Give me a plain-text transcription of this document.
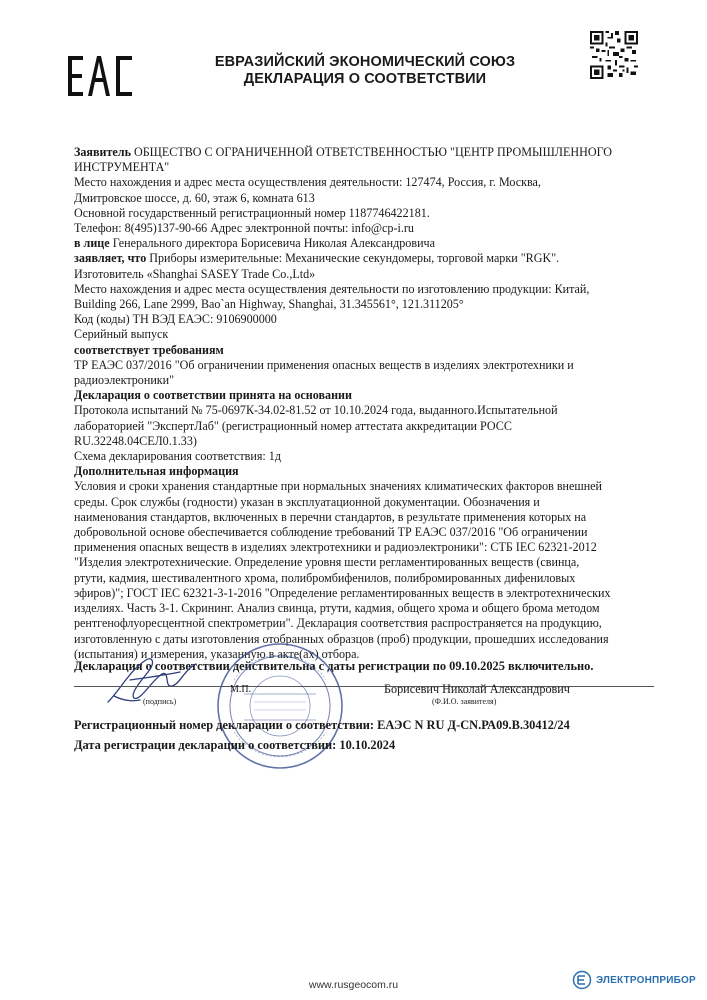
ЕВРАЗИЙСКИЙ ЭКОНОМИЧЕСКИЙ СОЮЗ
ДЕКЛАРАЦИЯ О СООТВЕТСТВИИ

Заявитель ОБЩЕСТВО С ОГРАНИЧЕННОЙ ОТВЕТСТВЕННОСТЬЮ "ЦЕНТР ПРОМЫШЛЕННОГО

ИНСТРУМЕНТА"

Место нахождения и адрес места осуществления деятельности: 127474, Россия, г. Москва,

Дмитровское шоссе, д. 60, этаж 6, комната 613

Основной государственный регистрационный номер 1187746422181.

Телефон: 8(495)137-90-66 Адрес электронной почты: info@cp-i.ru

в лице Генерального директора Борисевича Николая Александровича

заявляет, что Приборы измерительные: Механические секундомеры, торговой марки "RGK".

Изготовитель «Shanghai SASEY Trade Co.,Ltd»

Место нахождения и адрес места осуществления деятельности по изготовлению продукции: Китай,

Building 266, Lane 2999, Bao`an Highway, Shanghai, 31.345561°, 121.311205°

Код (коды) ТН ВЭД ЕАЭС: 9106900000

Серийный выпуск

соответствует требованиям

ТР ЕАЭС 037/2016 "Об ограничении применения опасных веществ в изделиях электротехники и

радиоэлектроники"

Декларация о соответствии принята на основании

Протокола испытаний № 75-0697К-34.02-81.52 от 10.10.2024 года, выданного.Испытательной

лабораторией "ЭкспертЛаб" (регистрационный номер аттестата аккредитации РОСС

RU.32248.04СЕЛ0.1.33)

Схема декларирования соответствия: 1д

Дополнительная информация

Условия и сроки хранения стандартные при нормальных значениях климатических факторов внешней

среды. Срок службы (годности) указан в эксплуатационной документации. Обозначения и

наименования стандартов, включенных в перечни стандартов, в результате применения которых на

добровольной основе обеспечивается соблюдение требований ТР ЕАЭС 037/2016 "Об ограничении

применения опасных веществ в изделиях электротехники и радиоэлектроники": СТБ IEC 62321-2012

"Изделия электротехнические. Определение уровня шести регламентированных веществ (свинца,

ртути, кадмия, шестивалентного хрома, полибромбифенилов, полибромированных дифениловых

эфиров)"; ГОСТ IEC 62321-3-1-2016 "Определение регламентированных веществ в электротехнических

изделиях. Часть 3-1. Скрининг. Анализ свинца, ртути, кадмия, общего хрома и общего брома методом

рентгенофлуоресцентной спектрометрии". Декларация соответствия распространяется на продукцию,

изготовленную с даты изготовления отобранных образцов (проб) продукции, прошедших исследования

(испытания) и измерения, указанную в акте(ах) отбора.

Декларация о соответствии действительна с даты регистрации по 09.10.2025 включительно.
(подпись)
М.П.	Борисевич Николай Александрович
(Ф.И.О. заявителя)
Регистрационный номер декларации о соответствии: ЕАЭС N RU Д-CN.РА09.В.30412/24
Дата регистрации декларации о соответствии: 10.10.2024
www.rusgeocom.ru	ЭЛЕКТРОНПРИБОР
